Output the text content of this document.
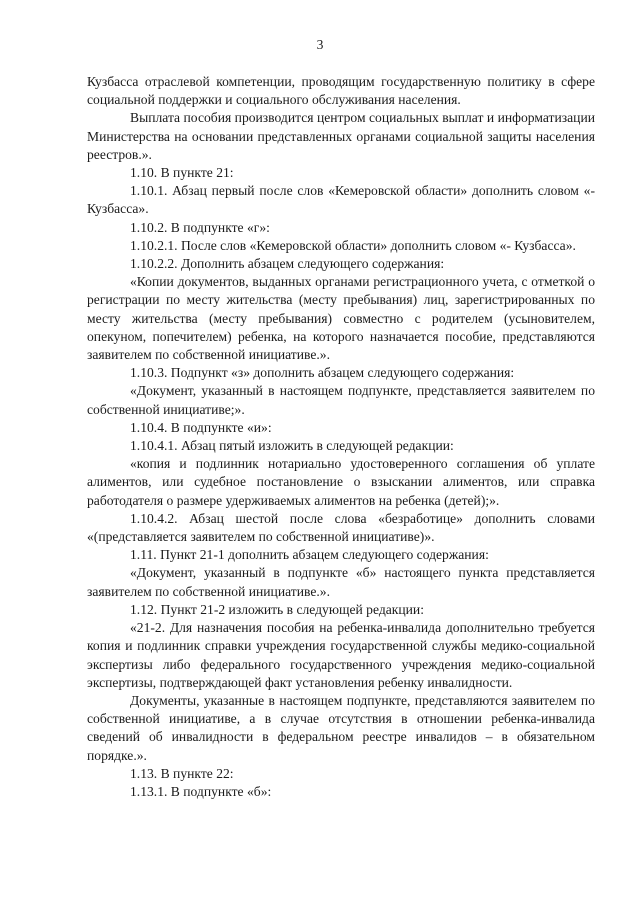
3

Кузбасса отраслевой компетенции, проводящим государственную политику в сфере социальной поддержки и социального обслуживания населения.

Выплата пособия производится центром социальных выплат и информатизации Министерства на основании представленных органами социальной защиты населения реестров.».

1.10. В пункте 21:

1.10.1. Абзац первый после слов «Кемеровской области» дополнить словом «- Кузбасса».

1.10.2. В подпункте «г»:

1.10.2.1. После слов «Кемеровской области» дополнить словом «- Кузбасса».

1.10.2.2. Дополнить абзацем следующего содержания:

«Копии документов, выданных органами регистрационного учета, с отметкой о регистрации по месту жительства (месту пребывания) лиц, зарегистрированных по месту жительства (месту пребывания) совместно с родителем (усыновителем, опекуном, попечителем) ребенка, на которого назначается пособие, представляются заявителем по собственной инициативе.».

1.10.3. Подпункт «з» дополнить абзацем следующего содержания:

«Документ, указанный в настоящем подпункте, представляется заявителем по собственной инициативе;».

1.10.4. В подпункте «и»:

1.10.4.1. Абзац пятый изложить в следующей редакции:

«копия и подлинник нотариально удостоверенного соглашения об уплате алиментов, или судебное постановление о взыскании алиментов, или справка работодателя о размере удерживаемых алиментов на ребенка (детей);».

1.10.4.2. Абзац шестой после слова «безработице» дополнить словами «(представляется заявителем по собственной инициативе)».

1.11. Пункт 21-1 дополнить абзацем следующего содержания:

«Документ, указанный в подпункте «б» настоящего пункта представляется заявителем по собственной инициативе.».

1.12. Пункт 21-2 изложить в следующей редакции:

«21-2. Для назначения пособия на ребенка-инвалида дополнительно требуется копия и подлинник справки учреждения государственной службы медико-социальной экспертизы либо федерального государственного учреждения медико-социальной экспертизы, подтверждающей факт установления ребенку инвалидности.

Документы, указанные в настоящем подпункте, представляются заявителем по собственной инициативе, а в случае отсутствия в отношении ребенка-инвалида сведений об инвалидности в федеральном реестре инвалидов – в обязательном порядке.».

1.13. В пункте 22:

1.13.1. В подпункте «б»:
